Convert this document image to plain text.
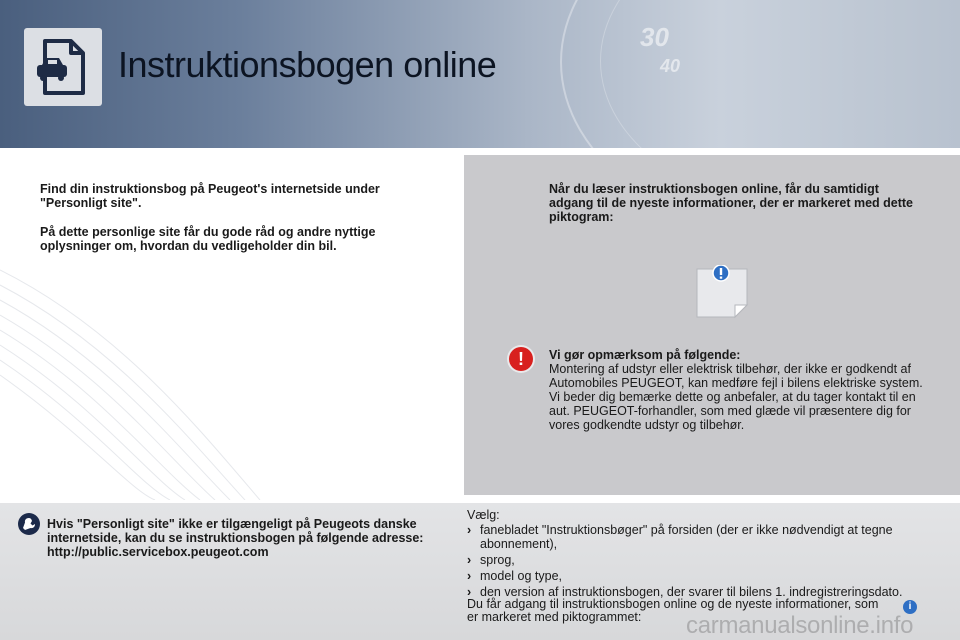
30
40
Instruktionsbogen online

Find din instruktionsbog på Peugeot's internetside under "Personligt site".

På dette personlige site får du gode råd og andre nyttige oplysninger om, hvordan du vedligeholder din bil.

Når du læser instruktionsbogen online, får du samtidigt adgang til de nyeste informationer, der er markeret med dette piktogram:
!	Vi gør opmærksom på følgende:
Montering af udstyr eller elektrisk tilbehør, der ikke er godkendt af Automobiles PEUGEOT, kan medføre fejl i bilens elektriske system. Vi beder dig bemærke dette og anbefaler, at du tager kontakt til en aut. PEUGEOT-forhandler, som med glæde vil præsentere dig for vores godkendte udstyr og tilbehør.
Hvis "Personligt site" ikke er tilgængeligt på Peugeots danske internetside, kan du se instruktionsbogen på følgende adresse: http://public.servicebox.peugeot.com
Vælg:
› fanebladet "Instruktionsbøger" på forsiden (der er ikke nødvendigt at tegne abonnement),
› sprog,
› model og type,
› den version af instruktionsbogen, der svarer til bilens 1. indregistreringsdato.
Du får adgang til instruktionsbogen online og de nyeste informationer, som er markeret med piktogrammet:
i
carmanualsonline.info
